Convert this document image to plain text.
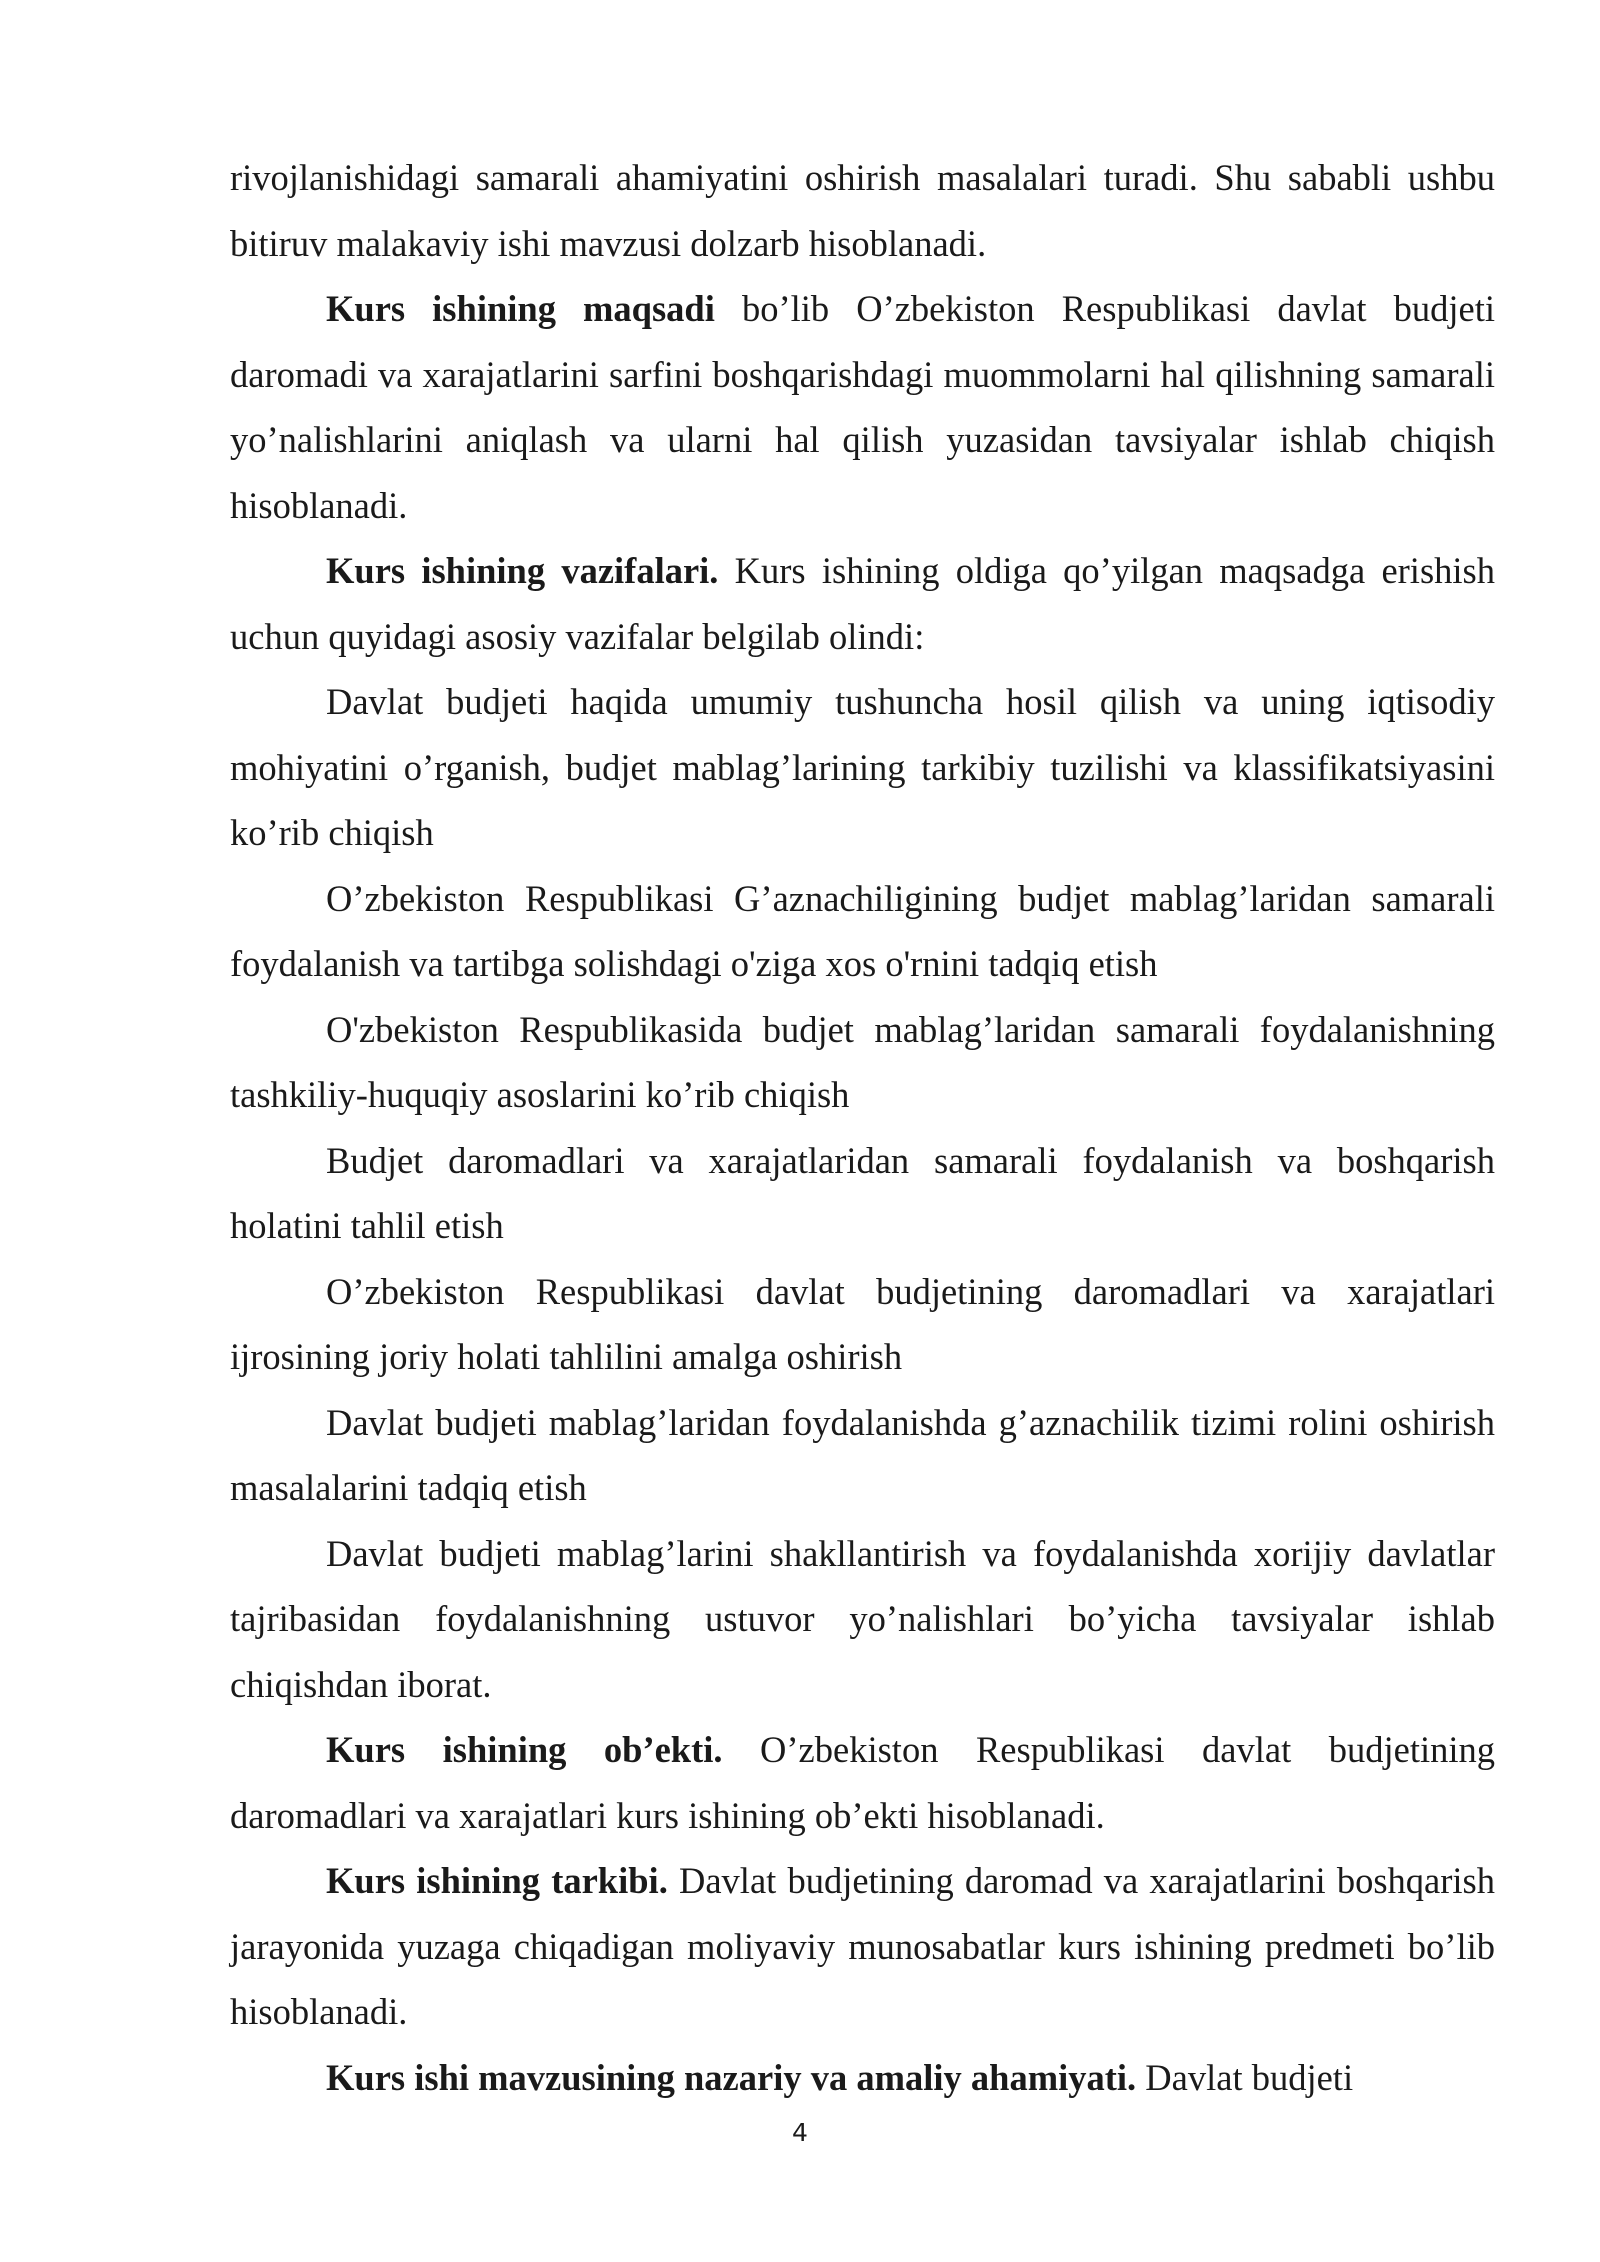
rivojlanishidagi samarali ahamiyatini oshirish masalalari turadi. Shu sababli ushbu bitiruv malakaviy ishi mavzusi dolzarb hisoblanadi.

Kurs ishining maqsadi bo’lib O’zbekiston Respublikasi davlat budjeti daromadi va xarajatlarini sarfini boshqarishdagi muommolarni hal qilishning samarali yo’nalishlarini aniqlash va ularni hal qilish yuzasidan tavsiyalar ishlab chiqish hisoblanadi.

Kurs ishining vazifalari. Kurs ishining oldiga qo’yilgan maqsadga erishish uchun quyidagi asosiy vazifalar belgilab olindi:

Davlat budjeti haqida umumiy tushuncha hosil qilish va uning iqtisodiy mohiyatini o’rganish, budjet mablag’larining tarkibiy tuzilishi va klassifikatsiyasini ko’rib chiqish

O’zbekiston Respublikasi G’aznachiligining budjet mablag’laridan samarali foydalanish va tartibga solishdagi o'ziga xos o'rnini tadqiq etish

O'zbekiston Respublikasida budjet mablag’laridan samarali foydalanishning tashkiliy-huquqiy asoslarini ko’rib chiqish

Budjet daromadlari va xarajatlaridan samarali foydalanish va boshqarish holatini tahlil etish

O’zbekiston Respublikasi davlat budjetining daromadlari va xarajatlari ijrosining joriy holati tahlilini amalga oshirish

Davlat budjeti mablag’laridan foydalanishda g’aznachilik tizimi rolini oshirish masalalarini tadqiq etish

Davlat budjeti mablag’larini shakllantirish va foydalanishda xorijiy davlatlar tajribasidan foydalanishning ustuvor yo’nalishlari bo’yicha tavsiyalar ishlab chiqishdan iborat.

Kurs ishining ob’ekti. O’zbekiston Respublikasi davlat budjetining daromadlari va xarajatlari kurs ishining ob’ekti hisoblanadi.

Kurs ishining tarkibi. Davlat budjetining daromad va xarajatlarini boshqarish jarayonida yuzaga chiqadigan moliyaviy munosabatlar kurs ishining predmeti bo’lib hisoblanadi.

Kurs ishi mavzusining nazariy va amaliy ahamiyati. Davlat budjeti

4
